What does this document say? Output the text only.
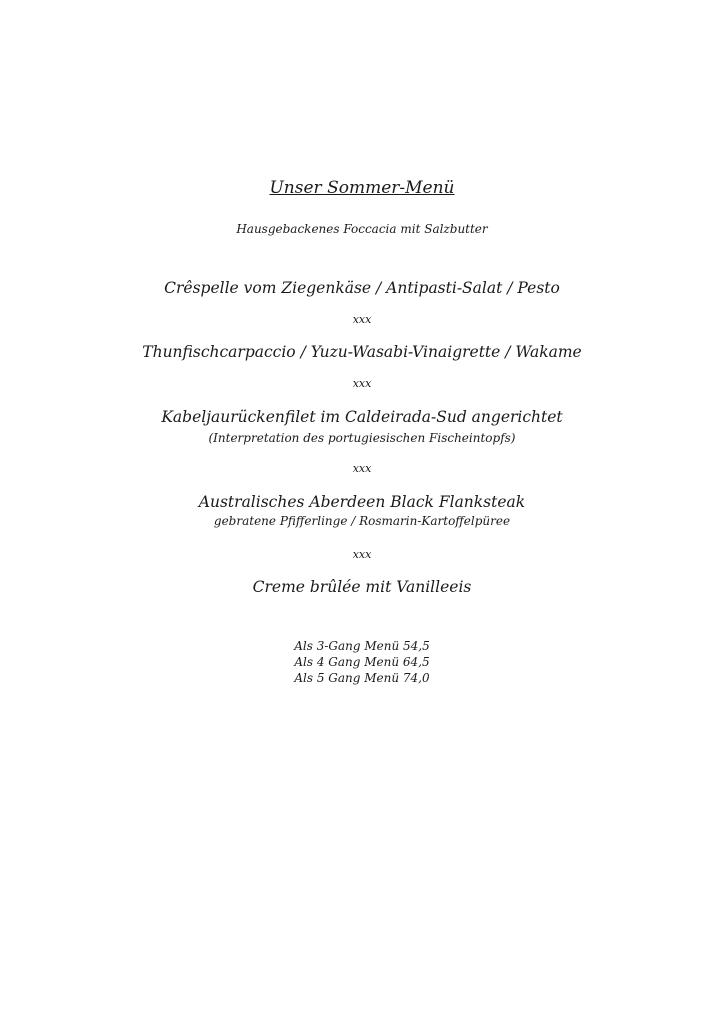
Unser Sommer-Menü
Hausgebackenes Foccacia mit Salzbutter
Crêspelle vom Ziegenkäse / Antipasti-Salat / Pesto
xxx
Thunfischcarpaccio / Yuzu-Wasabi-Vinaigrette / Wakame
xxx
Kabeljaurückenfilet im Caldeirada-Sud angerichtet
(Interpretation des portugiesischen Fischeintopfs)
xxx
Australisches Aberdeen Black Flanksteak
gebratene Pfifferlinge / Rosmarin-Kartoffelpüree
xxx
Creme brûlée mit Vanilleeis
Als 3-Gang Menü 54,5
Als 4 Gang Menü 64,5
Als 5 Gang Menü 74,0
